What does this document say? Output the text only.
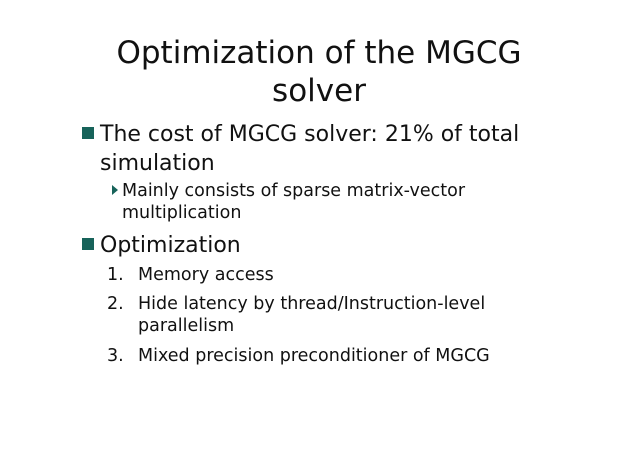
Optimization of the MGCG
solver
The cost of MGCG solver: 21% of total
simulation
Mainly consists of sparse matrix-vector
multiplication
Optimization
1. Memory access
2. Hide latency by thread/Instruction-level
parallelism
3. Mixed precision preconditioner of MGCG
